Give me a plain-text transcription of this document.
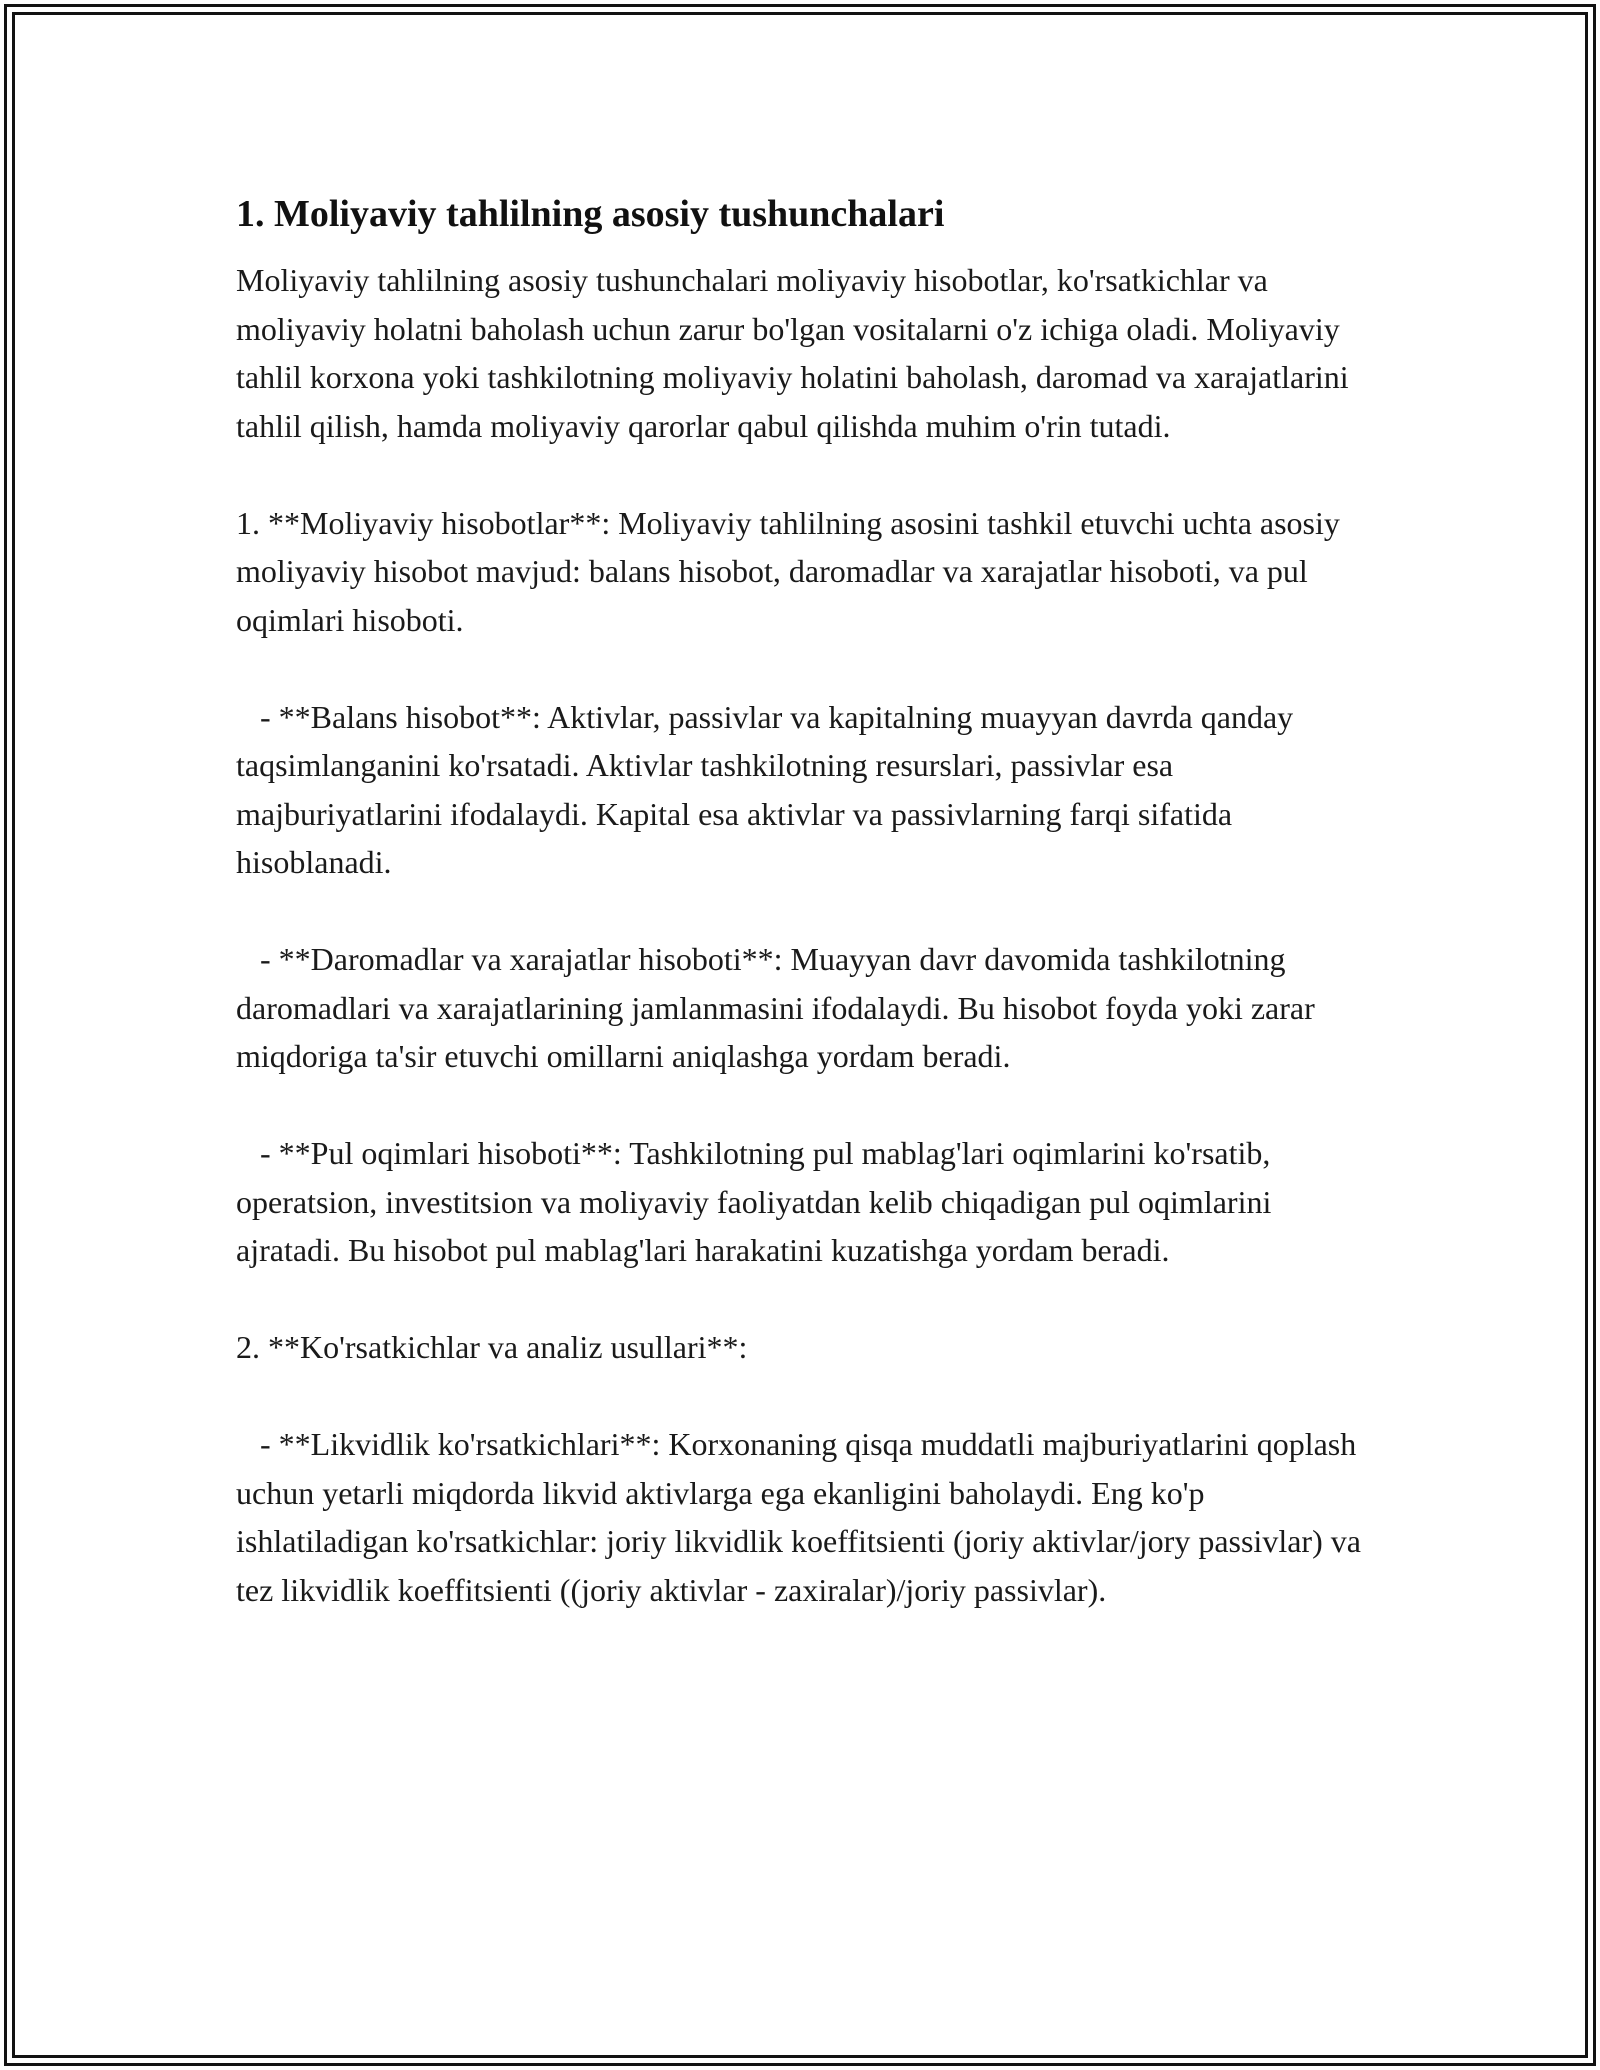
1. Moliyaviy tahlilning asosiy tushunchalari

Moliyaviy tahlilning asosiy tushunchalari moliyaviy hisobotlar, ko'rsatkichlar va moliyaviy holatni baholash uchun zarur bo'lgan vositalarni o'z ichiga oladi. Moliyaviy tahlil korxona yoki tashkilotning moliyaviy holatini baholash, daromad va xarajatlarini tahlil qilish, hamda moliyaviy qarorlar qabul qilishda muhim o'rin tutadi.

1. **Moliyaviy hisobotlar**: Moliyaviy tahlilning asosini tashkil etuvchi uchta asosiy moliyaviy hisobot mavjud: balans hisobot, daromadlar va xarajatlar hisoboti, va pul oqimlari hisoboti.

- **Balans hisobot**: Aktivlar, passivlar va kapitalning muayyan davrda qanday taqsimlanganini ko'rsatadi. Aktivlar tashkilotning resurslari, passivlar esa majburiyatlarini ifodalaydi. Kapital esa aktivlar va passivlarning farqi sifatida hisoblanadi.

- **Daromadlar va xarajatlar hisoboti**: Muayyan davr davomida tashkilotning daromadlari va xarajatlarining jamlanmasini ifodalaydi. Bu hisobot foyda yoki zarar miqdoriga ta'sir etuvchi omillarni aniqlashga yordam beradi.

- **Pul oqimlari hisoboti**: Tashkilotning pul mablag'lari oqimlarini ko'rsatib, operatsion, investitsion va moliyaviy faoliyatdan kelib chiqadigan pul oqimlarini ajratadi. Bu hisobot pul mablag'lari harakatini kuzatishga yordam beradi.

2. **Ko'rsatkichlar va analiz usullari**:

- **Likvidlik ko'rsatkichlari**: Korxonaning qisqa muddatli majburiyatlarini qoplash uchun yetarli miqdorda likvid aktivlarga ega ekanligini baholaydi. Eng ko'p ishlatiladigan ko'rsatkichlar: joriy likvidlik koeffitsienti (joriy aktivlar/jory passivlar) va tez likvidlik koeffitsienti ((joriy aktivlar - zaxiralar)/joriy passivlar).
